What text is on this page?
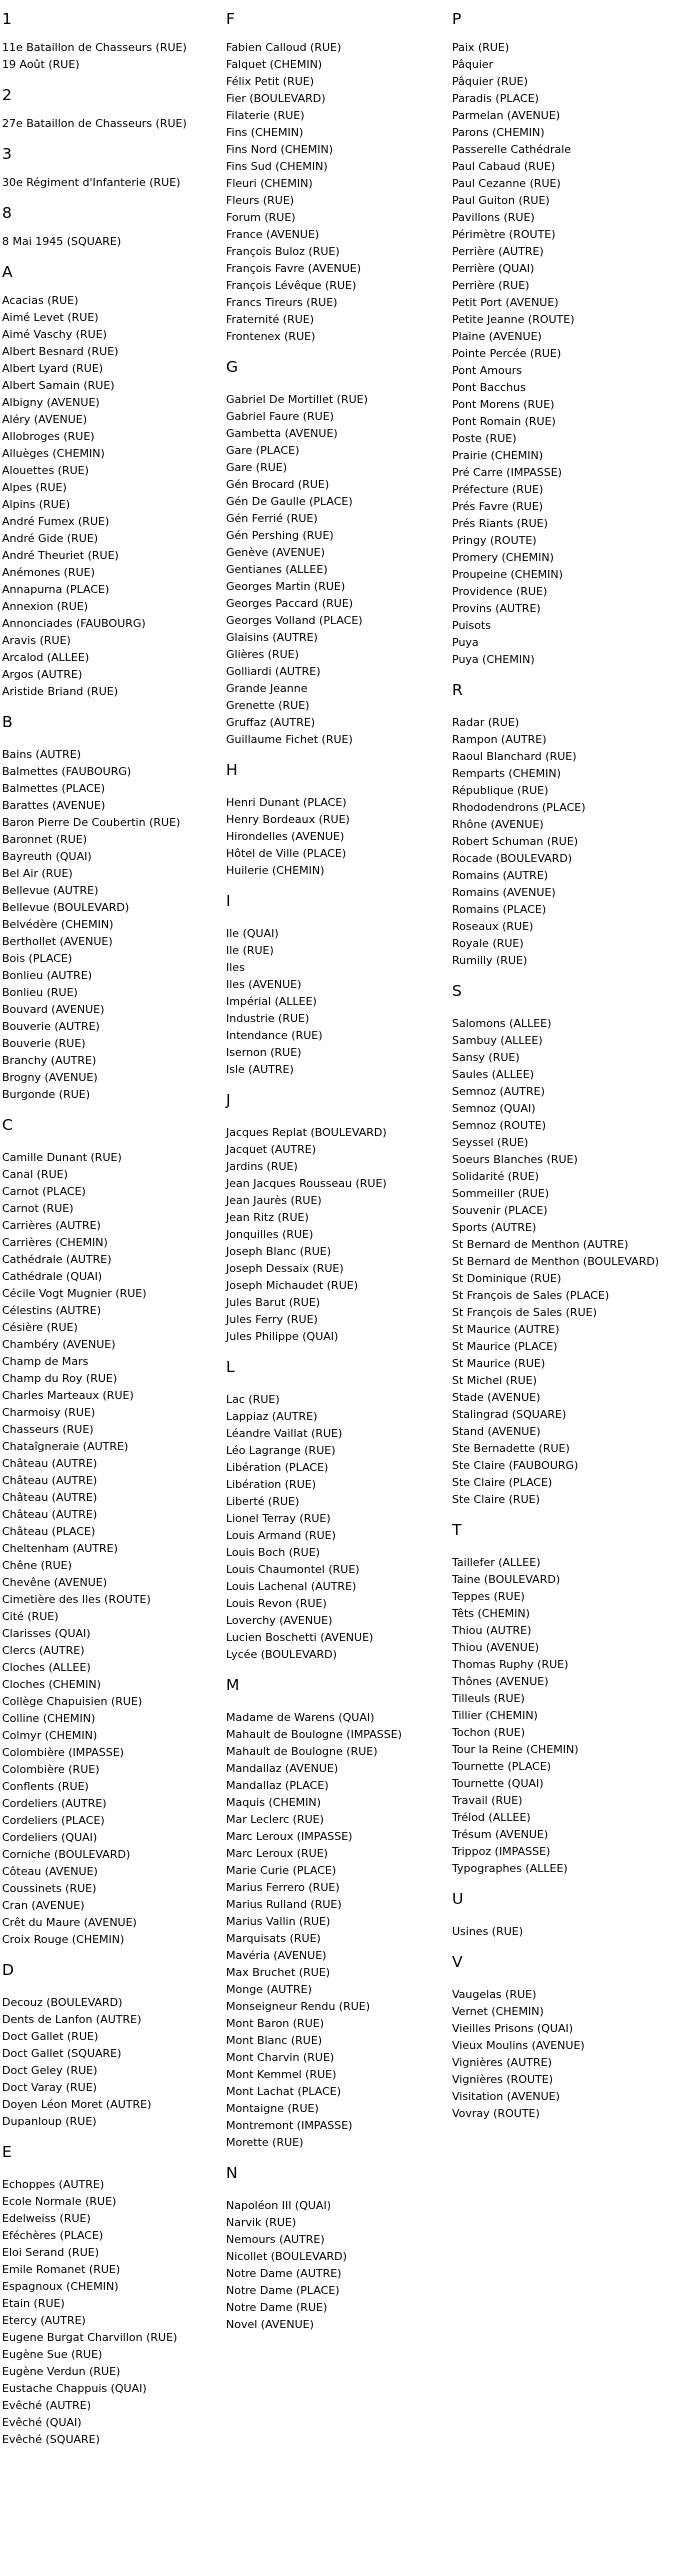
1
11e Bataillon de Chasseurs (RUE)
19 Août (RUE)
2
27e Bataillon de Chasseurs (RUE)
3
30e Régiment d'Infanterie (RUE)
8
8 Mai 1945 (SQUARE)
A
Acacias (RUE)
Aimé Levet (RUE)
Aimé Vaschy (RUE)
Albert Besnard (RUE)
Albert Lyard (RUE)
Albert Samain (RUE)
Albigny (AVENUE)
Aléry (AVENUE)
Allobroges (RUE)
Alluèges (CHEMIN)
Alouettes (RUE)
Alpes (RUE)
Alpins (RUE)
André Fumex (RUE)
André Gide (RUE)
André Theuriet (RUE)
Anémones (RUE)
Annapurna (PLACE)
Annexion (RUE)
Annonciades (FAUBOURG)
Aravis (RUE)
Arcalod (ALLEE)
Argos (AUTRE)
Aristide Briand (RUE)
B
Bains (AUTRE)
Balmettes (FAUBOURG)
Balmettes (PLACE)
Barattes (AVENUE)
Baron Pierre De Coubertin (RUE)
Baronnet (RUE)
Bayreuth (QUAI)
Bel Air (RUE)
Bellevue (AUTRE)
Bellevue (BOULEVARD)
Belvédère (CHEMIN)
Berthollet (AVENUE)
Bois (PLACE)
Bonlieu (AUTRE)
Bonlieu (RUE)
Bouvard (AVENUE)
Bouverie (AUTRE)
Bouverie (RUE)
Branchy (AUTRE)
Brogny (AVENUE)
Burgonde (RUE)
C
Camille Dunant (RUE)
Canal (RUE)
Carnot (PLACE)
Carnot (RUE)
Carrières (AUTRE)
Carrières (CHEMIN)
Cathédrale (AUTRE)
Cathédrale (QUAI)
Cécile Vogt Mugnier (RUE)
Célestins (AUTRE)
Césière (RUE)
Chambéry (AVENUE)
Champ de Mars
Champ du Roy (RUE)
Charles Marteaux (RUE)
Charmoisy (RUE)
Chasseurs (RUE)
Chataîgneraie (AUTRE)
Château (AUTRE)
Château (AUTRE)
Château (AUTRE)
Château (AUTRE)
Château (PLACE)
Cheltenham (AUTRE)
Chêne (RUE)
Chevêne (AVENUE)
Cimetière des Iles (ROUTE)
Cité (RUE)
Clarisses (QUAI)
Clercs (AUTRE)
Cloches (ALLEE)
Cloches (CHEMIN)
Collège Chapuisien (RUE)
Colline (CHEMIN)
Colmyr (CHEMIN)
Colombière (IMPASSE)
Colombière (RUE)
Conflents (RUE)
Cordeliers (AUTRE)
Cordeliers (PLACE)
Cordeliers (QUAI)
Corniche (BOULEVARD)
Côteau (AVENUE)
Coussinets (RUE)
Cran (AVENUE)
Crêt du Maure (AVENUE)
Croix Rouge (CHEMIN)
D
Decouz (BOULEVARD)
Dents de Lanfon (AUTRE)
Doct Gallet (RUE)
Doct Gallet (SQUARE)
Doct Geley (RUE)
Doct Varay (RUE)
Doyen Léon Moret (AUTRE)
Dupanloup (RUE)
E
Echoppes (AUTRE)
Ecole Normale (RUE)
Edelweiss (RUE)
Eféchères (PLACE)
Eloi Serand (RUE)
Emile Romanet (RUE)
Espagnoux (CHEMIN)
Etain (RUE)
Etercy (AUTRE)
Eugene Burgat Charvillon (RUE)
Eugène Sue (RUE)
Eugène Verdun (RUE)
Eustache Chappuis (QUAI)
Evêché (AUTRE)
Evêché (QUAI)
Evêché (SQUARE)
F
Fabien Calloud (RUE)
Falquet (CHEMIN)
Félix Petit (RUE)
Fier (BOULEVARD)
Filaterie (RUE)
Fins (CHEMIN)
Fins Nord (CHEMIN)
Fins Sud (CHEMIN)
Fleuri (CHEMIN)
Fleurs (RUE)
Forum (RUE)
France (AVENUE)
François Buloz (RUE)
François Favre (AVENUE)
François Lévêque (RUE)
Francs Tireurs (RUE)
Fraternité (RUE)
Frontenex (RUE)
G
Gabriel De Mortillet (RUE)
Gabriel Faure (RUE)
Gambetta (AVENUE)
Gare (PLACE)
Gare (RUE)
Gén Brocard (RUE)
Gén De Gaulle (PLACE)
Gén Ferrié (RUE)
Gén Pershing (RUE)
Genève (AVENUE)
Gentianes (ALLEE)
Georges Martin (RUE)
Georges Paccard (RUE)
Georges Volland (PLACE)
Glaisins (AUTRE)
Glières (RUE)
Golliardi (AUTRE)
Grande Jeanne
Grenette (RUE)
Gruffaz (AUTRE)
Guillaume Fichet (RUE)
H
Henri Dunant (PLACE)
Henry Bordeaux (RUE)
Hirondelles (AVENUE)
Hôtel de Ville (PLACE)
Huilerie (CHEMIN)
I
Ile (QUAI)
Ile (RUE)
Iles
Iles (AVENUE)
Impérial (ALLEE)
Industrie (RUE)
Intendance (RUE)
Isernon (RUE)
Isle (AUTRE)
J
Jacques Replat (BOULEVARD)
Jacquet (AUTRE)
Jardins (RUE)
Jean Jacques Rousseau (RUE)
Jean Jaurès (RUE)
Jean Ritz (RUE)
Jonquilles (RUE)
Joseph Blanc (RUE)
Joseph Dessaix (RUE)
Joseph Michaudet (RUE)
Jules Barut (RUE)
Jules Ferry (RUE)
Jules Philippe (QUAI)
L
Lac (RUE)
Lappiaz (AUTRE)
Léandre Vaillat (RUE)
Léo Lagrange (RUE)
Libération (PLACE)
Libération (RUE)
Liberté (RUE)
Lionel Terray (RUE)
Louis Armand (RUE)
Louis Boch (RUE)
Louis Chaumontel (RUE)
Louis Lachenal (AUTRE)
Louis Revon (RUE)
Loverchy (AVENUE)
Lucien Boschetti (AVENUE)
Lycée (BOULEVARD)
M
Madame de Warens (QUAI)
Mahault de Boulogne (IMPASSE)
Mahault de Boulogne (RUE)
Mandallaz (AVENUE)
Mandallaz (PLACE)
Maquis (CHEMIN)
Mar Leclerc (RUE)
Marc Leroux (IMPASSE)
Marc Leroux (RUE)
Marie Curie (PLACE)
Marius Ferrero (RUE)
Marius Rulland (RUE)
Marius Vallin (RUE)
Marquisats (RUE)
Mavéria (AVENUE)
Max Bruchet (RUE)
Monge (AUTRE)
Monseigneur Rendu (RUE)
Mont Baron (RUE)
Mont Blanc (RUE)
Mont Charvin (RUE)
Mont Kemmel (RUE)
Mont Lachat (PLACE)
Montaigne (RUE)
Montremont (IMPASSE)
Morette (RUE)
N
Napoléon III (QUAI)
Narvik (RUE)
Nemours (AUTRE)
Nicollet (BOULEVARD)
Notre Dame (AUTRE)
Notre Dame (PLACE)
Notre Dame (RUE)
Novel (AVENUE)
P
Paix (RUE)
Pâquier
Pâquier (RUE)
Paradis (PLACE)
Parmelan (AVENUE)
Parons (CHEMIN)
Passerelle Cathédrale
Paul Cabaud (RUE)
Paul Cezanne (RUE)
Paul Guiton (RUE)
Pavillons (RUE)
Périmètre (ROUTE)
Perrière (AUTRE)
Perrière (QUAI)
Perrière (RUE)
Petit Port (AVENUE)
Petite Jeanne (ROUTE)
Plaine (AVENUE)
Pointe Percée (RUE)
Pont Amours
Pont Bacchus
Pont Morens (RUE)
Pont Romain (RUE)
Poste (RUE)
Prairie (CHEMIN)
Pré Carre (IMPASSE)
Préfecture (RUE)
Prés Favre (RUE)
Prés Riants (RUE)
Pringy (ROUTE)
Promery (CHEMIN)
Proupeine (CHEMIN)
Providence (RUE)
Provins (AUTRE)
Puisots
Puya
Puya (CHEMIN)
R
Radar (RUE)
Rampon (AUTRE)
Raoul Blanchard (RUE)
Remparts (CHEMIN)
République (RUE)
Rhododendrons (PLACE)
Rhône (AVENUE)
Robert Schuman (RUE)
Rocade (BOULEVARD)
Romains (AUTRE)
Romains (AVENUE)
Romains (PLACE)
Roseaux (RUE)
Royale (RUE)
Rumilly (RUE)
S
Salomons (ALLEE)
Sambuy (ALLEE)
Sansy (RUE)
Saules (ALLEE)
Semnoz (AUTRE)
Semnoz (QUAI)
Semnoz (ROUTE)
Seyssel (RUE)
Soeurs Blanches (RUE)
Solidarité (RUE)
Sommeiller (RUE)
Souvenir (PLACE)
Sports (AUTRE)
St Bernard de Menthon (AUTRE)
St Bernard de Menthon (BOULEVARD)
St Dominique (RUE)
St François de Sales (PLACE)
St François de Sales (RUE)
St Maurice (AUTRE)
St Maurice (PLACE)
St Maurice (RUE)
St Michel (RUE)
Stade (AVENUE)
Stalingrad (SQUARE)
Stand (AVENUE)
Ste Bernadette (RUE)
Ste Claire (FAUBOURG)
Ste Claire (PLACE)
Ste Claire (RUE)
T
Taillefer (ALLEE)
Taine (BOULEVARD)
Teppes (RUE)
Têts (CHEMIN)
Thiou (AUTRE)
Thiou (AVENUE)
Thomas Ruphy (RUE)
Thônes (AVENUE)
Tilleuls (RUE)
Tillier (CHEMIN)
Tochon (RUE)
Tour la Reine (CHEMIN)
Tournette (PLACE)
Tournette (QUAI)
Travail (RUE)
Trélod (ALLEE)
Trésum (AVENUE)
Trippoz (IMPASSE)
Typographes (ALLEE)
U
Usines (RUE)
V
Vaugelas (RUE)
Vernet (CHEMIN)
Vieilles Prisons (QUAI)
Vieux Moulins (AVENUE)
Vignières (AUTRE)
Vignières (ROUTE)
Visitation (AVENUE)
Vovray (ROUTE)
